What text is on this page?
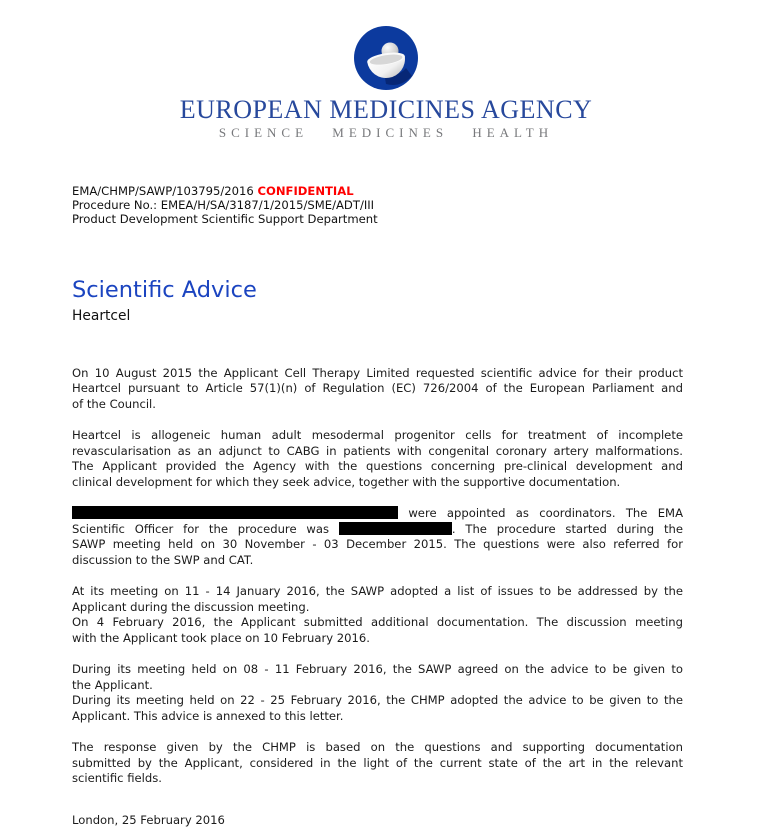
EUROPEAN MEDICINES AGENCY
SCIENCE MEDICINES HEALTH
EMA/CHMP/SAWP/103795/2016 CONFIDENTIAL
Procedure No.: EMEA/H/SA/3187/1/2015/SME/ADT/III
Product Development Scientific Support Department
Scientific Advice
Heartcel
On 10 August 2015 the Applicant Cell Therapy Limited requested scientific advice for their product
Heartcel pursuant to Article 57(1)(n) of Regulation (EC) 726/2004 of the European Parliament and
of the Council.
Heartcel is allogeneic human adult mesodermal progenitor cells for treatment of incomplete
revascularisation as an adjunct to CABG in patients with congenital coronary artery malformations.
The Applicant provided the Agency with the questions concerning pre-clinical development and
clinical development for which they seek advice, together with the supportive documentation.
were appointed as coordinators. The EMA
Scientific Officer for the procedure was	. The procedure started during the
SAWP meeting held on 30 November - 03 December 2015. The questions were also referred for
discussion to the SWP and CAT.
At its meeting on 11 - 14 January 2016, the SAWP adopted a list of issues to be addressed by the
Applicant during the discussion meeting.
On 4 February 2016, the Applicant submitted additional documentation. The discussion meeting
with the Applicant took place on 10 February 2016.
During its meeting held on 08 - 11 February 2016, the SAWP agreed on the advice to be given to
the Applicant.
During its meeting held on 22 - 25 February 2016, the CHMP adopted the advice to be given to the
Applicant. This advice is annexed to this letter.
The response given by the CHMP is based on the questions and supporting documentation
submitted by the Applicant, considered in the light of the current state of the art in the relevant
scientific fields.
London, 25 February 2016
